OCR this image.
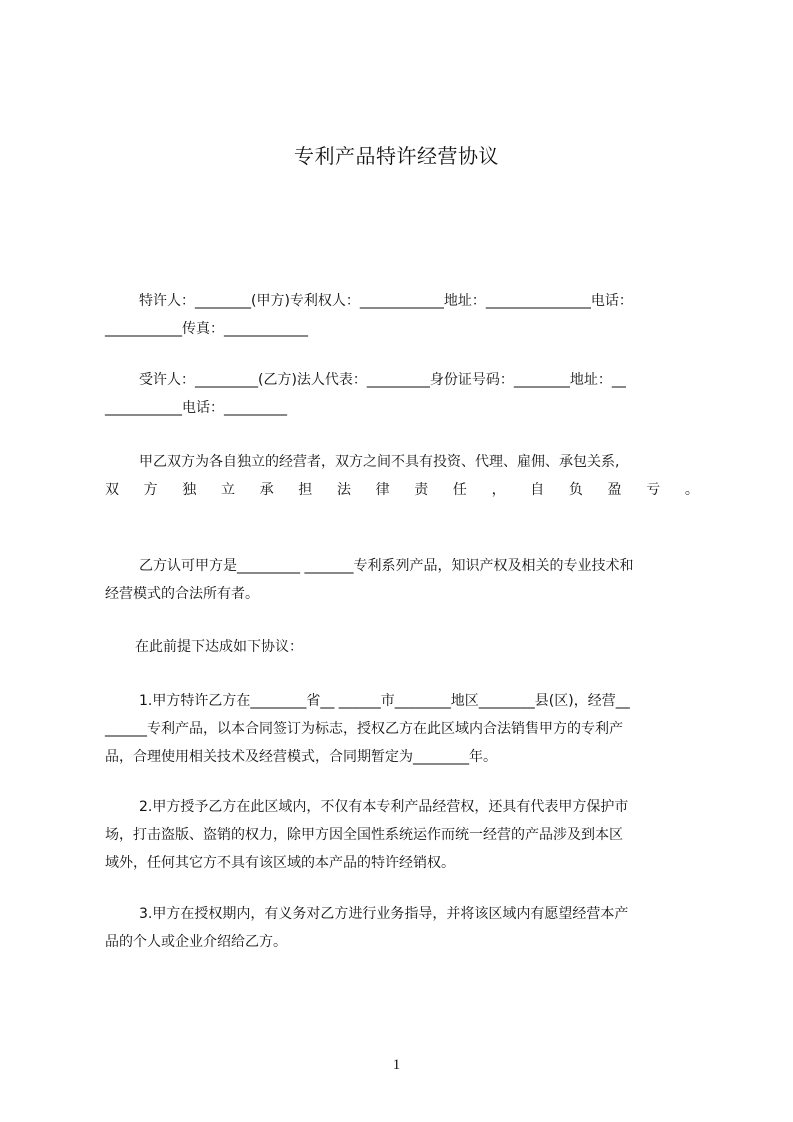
专利产品特许经营协议

特许人：________(甲方)专利权人：____________地址：_______________电话：

___________传真：____________

受许人：_________(乙方)法人代表：_________身份证号码：________地址：__

___________电话：_________

甲乙双方为各自独立的经营者，双方之间不具有投资、代理、雇佣、承包关系,

双 方 独 立 承 担 法 律 责 任 ， 自 负 盈 亏 。

乙方认可甲方是_________ _______专利系列产品，知识产权及相关的专业技术和

经营模式的合法所有者。

在此前提下达成如下协议：

1.甲方特许乙方在________省__ ______市________地区________县(区)，经营__

______专利产品，以本合同签订为标志，授权乙方在此区域内合法销售甲方的专利产

品，合理使用相关技术及经营模式，合同期暂定为________年。

2.甲方授予乙方在此区域内，不仅有本专利产品经营权，还具有代表甲方保护市

场，打击盗版、盗销的权力，除甲方因全国性系统运作而统一经营的产品涉及到本区

域外，任何其它方不具有该区域的本产品的特许经销权。

3.甲方在授权期内，有义务对乙方进行业务指导，并将该区域内有愿望经营本产

品的个人或企业介绍给乙方。

1
